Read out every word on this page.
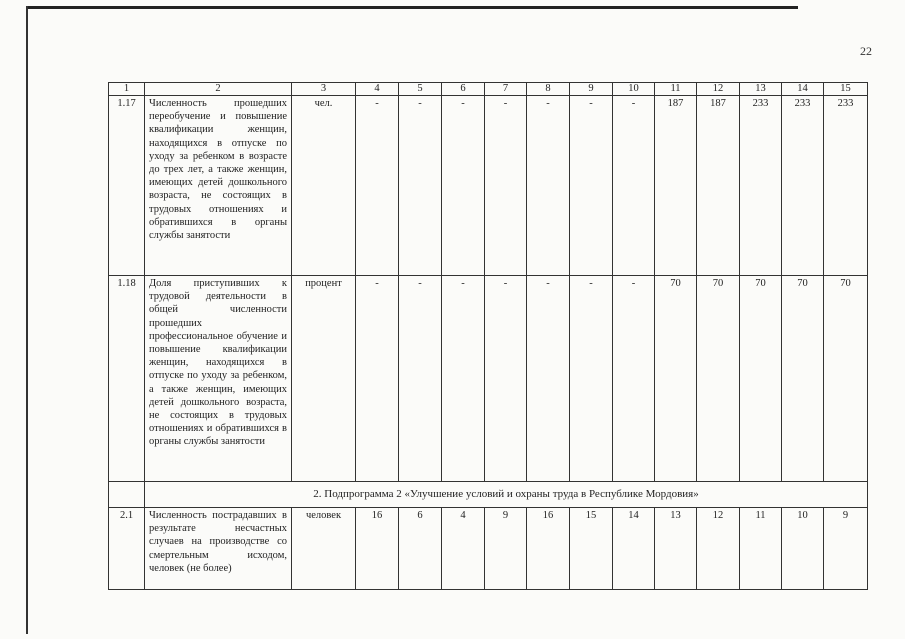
22
1	2	3	4	5	6	7	8	9	10	11	12	13	14	15
1.17	Численность прошедших переобучение и повышение квалификации женщин, находящихся в отпуске по уходу за ребенком в возрасте до трех лет, а также женщин, имеющих детей дошкольного возраста, не состоящих в трудовых отношениях и обратившихся в органы службы занятости	чел.	-	-	-	-	-	-	-	187	187	233	233	233
1.18	Доля приступивших к трудовой деятельности в общей численности прошедших профессиональное обучение и повышение квалификации женщин, находящихся в отпуске по уходу за ребенком, а также женщин, имеющих детей дошкольного возраста, не состоящих в трудовых отношениях и обратившихся в органы службы занятости	процент	-	-	-	-	-	-	-	70	70	70	70	70
	2. Подпрограмма 2 «Улучшение условий и охраны труда в Республике Мордовия»													
2.1	Численность пострадавших в результате несчастных случаев на производстве со смертельным исходом, человек (не более)	человек	16	6	4	9	16	15	14	13	12	11	10	9
